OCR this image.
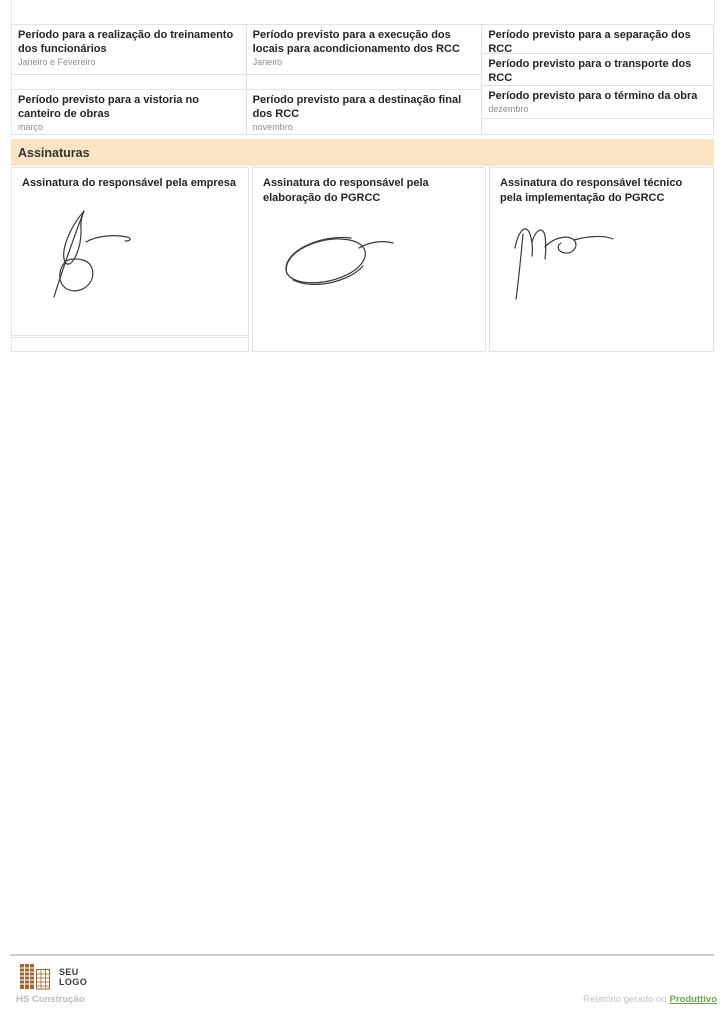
Período para a realização do treinamento dos funcionários
Janeiro e Fevereiro
Período previsto para a vistoria no canteiro de obras
março
Período previsto para a execução dos locais para acondicionamento dos RCC
Janeiro
Período previsto para a destinação final dos RCC
novembro
Período previsto para a separação dos RCC
Período previsto para o transporte dos RCC
Período previsto para o término da obra
dezembro
Assinaturas
Assinatura do responsável pela empresa Assinatura do responsável pela elaboração do PGRCC
Assinatura do responsável técnico pela implementação do PGRCC
SEU
LOGO
HS Construção	Relatório gerado no Produttivo
